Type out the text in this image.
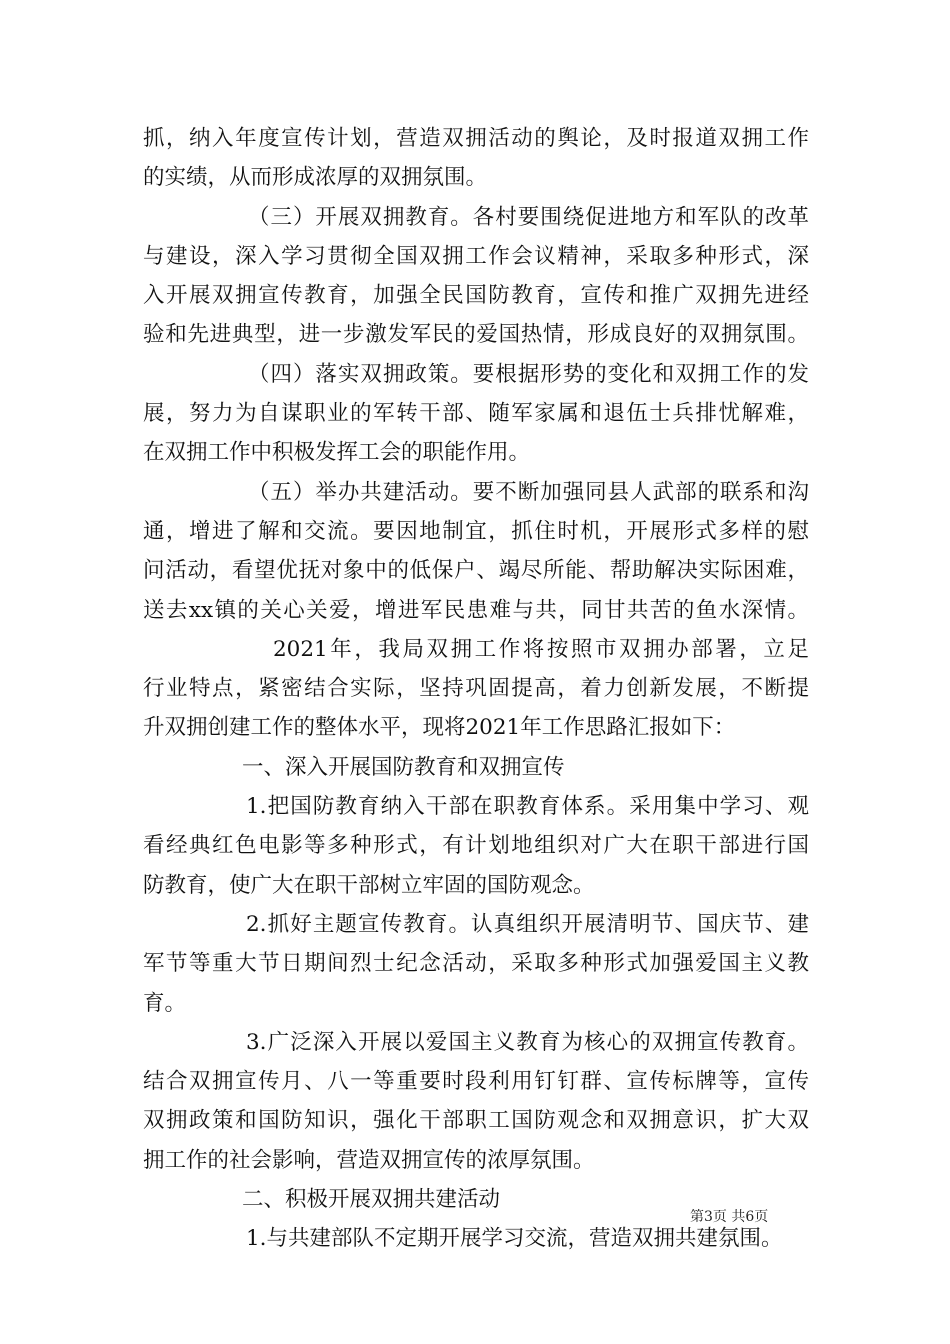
抓，纳入年度宣传计划，营造双拥活动的舆论，及时报道双拥工作
的实绩，从而形成浓厚的双拥氛围。
（三）开展双拥教育。各村要围绕促进地方和军队的改革
与建设，深入学习贯彻全国双拥工作会议精神，采取多种形式，深
入开展双拥宣传教育，加强全民国防教育，宣传和推广双拥先进经
验和先进典型，进一步激发军民的爱国热情，形成良好的双拥氛围。
（四）落实双拥政策。要根据形势的变化和双拥工作的发
展，努力为自谋职业的军转干部、随军家属和退伍士兵排忧解难，
在双拥工作中积极发挥工会的职能作用。
（五）举办共建活动。要不断加强同县人武部的联系和沟
通，增进了解和交流。要因地制宜，抓住时机，开展形式多样的慰
问活动，看望优抚对象中的低保户、竭尽所能、帮助解决实际困难，
送去xx镇的关心关爱，增进军民患难与共，同甘共苦的鱼水深情。
2021年，我局双拥工作将按照市双拥办部署，立足
行业特点，紧密结合实际，坚持巩固提高，着力创新发展，不断提
升双拥创建工作的整体水平，现将2021年工作思路汇报如下：
一、深入开展国防教育和双拥宣传
1.把国防教育纳入干部在职教育体系。采用集中学习、观
看经典红色电影等多种形式，有计划地组织对广大在职干部进行国
防教育，使广大在职干部树立牢固的国防观念。
2.抓好主题宣传教育。认真组织开展清明节、国庆节、建
军节等重大节日期间烈士纪念活动，采取多种形式加强爱国主义教
育。
3.广泛深入开展以爱国主义教育为核心的双拥宣传教育。
结合双拥宣传月、八一等重要时段利用钉钉群、宣传标牌等，宣传
双拥政策和国防知识，强化干部职工国防观念和双拥意识，扩大双
拥工作的社会影响，营造双拥宣传的浓厚氛围。
二、积极开展双拥共建活动
1.与共建部队不定期开展学习交流，营造双拥共建氛围。
第3页 共6页
